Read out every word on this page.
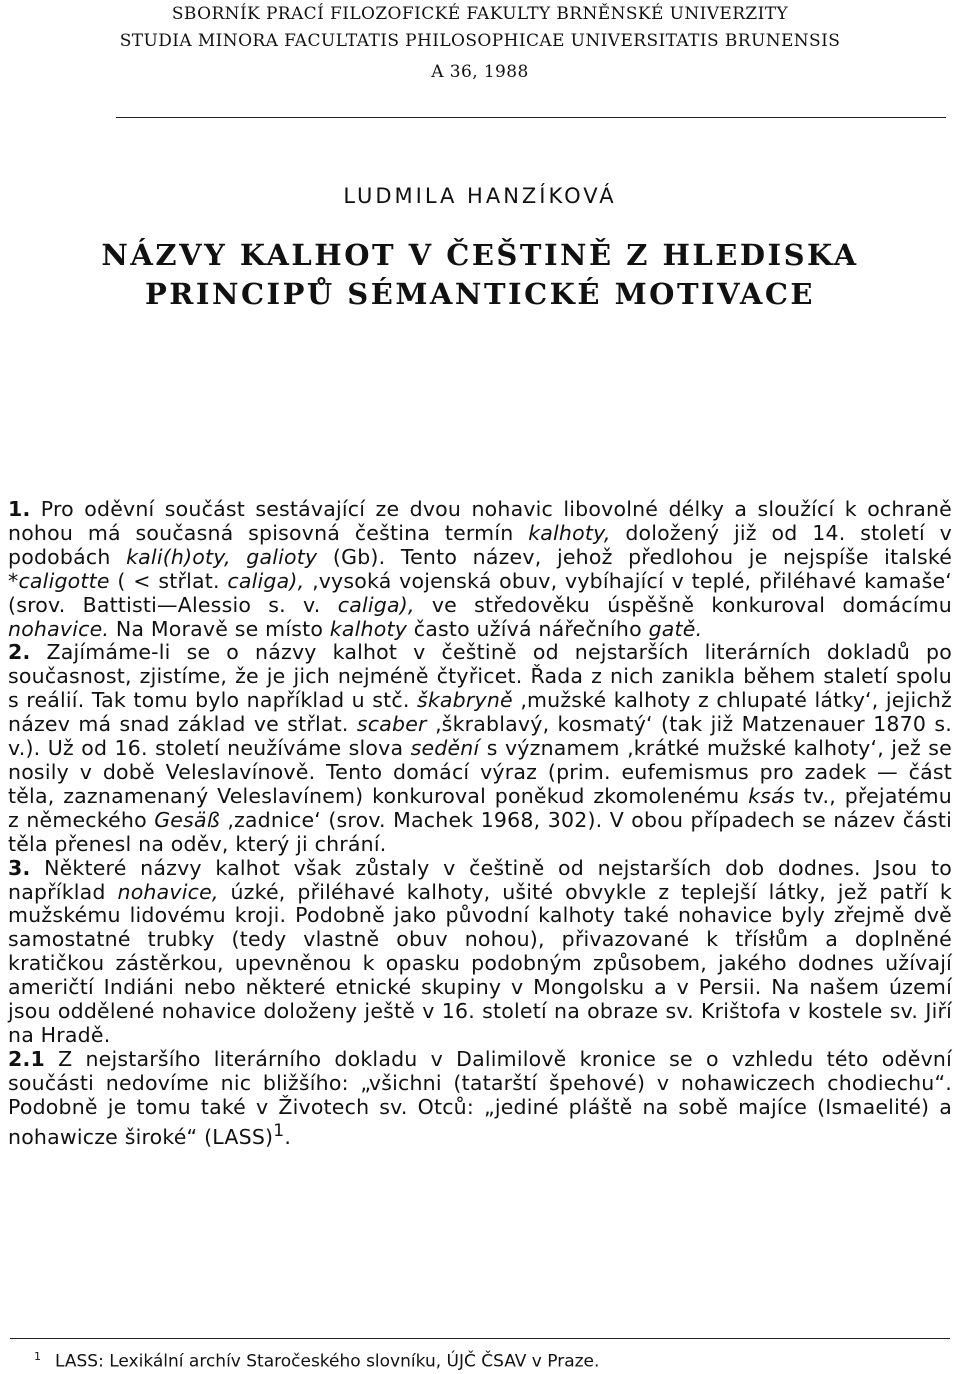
SBORNÍK PRACÍ FILOZOFICKÉ FAKULTY BRNĚNSKÉ UNIVERZITY
STUDIA MINORA FACULTATIS PHILOSOPHICAE UNIVERSITATIS BRUNENSIS
A 36, 1988
LUDMILA HANZÍKOVÁ
NÁZVY KALHOT V ČEŠTINĚ Z HLEDISKA
PRINCIPŮ SÉMANTICKÉ MOTIVACE

1. Pro oděvní součást sestávající ze dvou nohavic libovolné délky a sloužící k ochraně nohou má současná spisovná čeština termín kalhoty, doložený již od 14. století v podobách kali(h)oty, galioty (Gb). Tento název, jehož předlohou je nejspíše italské *caligotte ( < střlat. caliga), ‚vysoká vojenská obuv, vybíhající v teplé, přiléhavé kamaše‘ (srov. Battisti—Alessio s. v. caliga), ve středověku úspěšně konkuroval domácímu nohavice. Na Moravě se místo kalhoty často užívá nářečního gatě.

2. Zajímáme-li se o názvy kalhot v češtině od nejstarších literárních dokladů po současnost, zjistíme, že je jich nejméně čtyřicet. Řada z nich zanikla během staletí spolu s reálií. Tak tomu bylo například u stč. škabryně ‚mužské kalhoty z chlupaté látky‘, jejichž název má snad základ ve střlat. scaber ‚škrablavý, kosmatý‘ (tak již Matzenauer 1870 s. v.). Už od 16. století neužíváme slova sedění s významem ‚krátké mužské kalhoty‘, jež se nosily v době Veleslavínově. Tento domácí výraz (prim. eufemismus pro zadek — část těla, zaznamenaný Veleslavínem) konkuroval poněkud zkomolenému ksás tv., přejatému z německého Gesäß ‚zadnice‘ (srov. Machek 1968, 302). V obou případech se název části těla přenesl na oděv, který ji chrání.

3. Některé názvy kalhot však zůstaly v češtině od nejstarších dob dodnes. Jsou to například nohavice, úzké, přiléhavé kalhoty, ušité obvykle z teplejší látky, jež patří k mužskému lidovému kroji. Podobně jako původní kalhoty také nohavice byly zřejmě dvě samostatné trubky (tedy vlastně obuv nohou), přivazované k třísłům a doplněné kratičkou zástěrkou, upevněnou k opasku podobným způsobem, jakého dodnes užívají američtí Indiáni nebo některé etnické skupiny v Mongolsku a v Persii. Na našem území jsou oddělené nohavice doloženy ještě v 16. století na obraze sv. Krištofa v kostele sv. Jiří na Hradě.

2.1 Z nejstaršího literárního dokladu v Dalimilově kronice se o vzhledu této oděvní součásti nedovíme nic bližšího: „všichni (tatarští špehové) v nohawiczech chodiechu“. Podobně je tomu také v Životech sv. Otců: „jediné pláště na sobě majíce (Ismaelité) a nohawicze široké“ (LASS)$^1$.

$^1$ LASS: Lexikální archív Staročeského slovníku, ÚJČ ČSAV v Praze.
